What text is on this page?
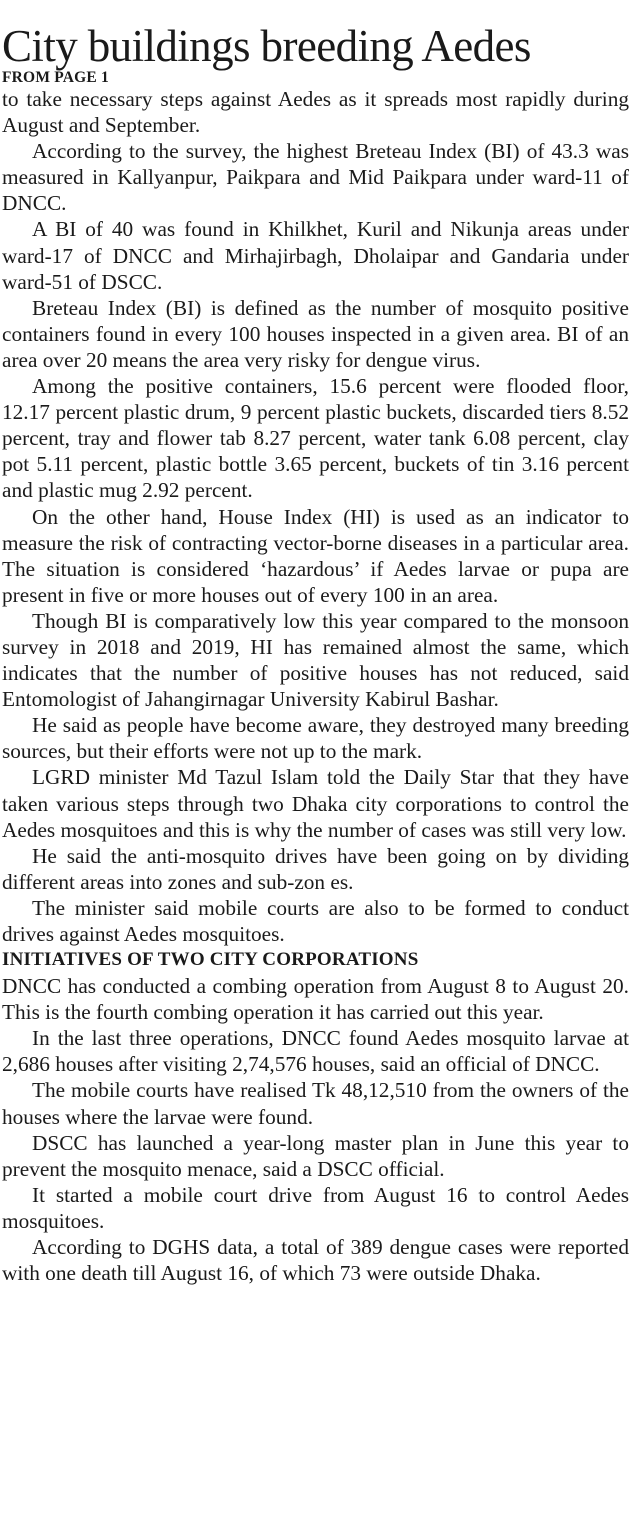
City buildings breeding Aedes
FROM PAGE 1

to take necessary steps against Aedes as it spreads most rapidly during August and September.

According to the survey, the highest Breteau Index (BI) of 43.3 was measured in Kallyanpur, Paikpara and Mid Paikpara under ward-11 of DNCC.

A BI of 40 was found in Khilkhet, Kuril and Nikunja areas under ward-17 of DNCC and Mirhajirbagh, Dholaipar and Gandaria under ward-51 of DSCC.

Breteau Index (BI) is defined as the number of mosquito positive containers found in every 100 houses inspected in a given area. BI of an area over 20 means the area very risky for dengue virus.

Among the positive containers, 15.6 percent were flooded floor, 12.17 percent plastic drum, 9 percent plastic buckets, discarded tiers 8.52 percent, tray and flower tab 8.27 percent, water tank 6.08 percent, clay pot 5.11 percent, plastic bottle 3.65 percent, buckets of tin 3.16 percent and plastic mug 2.92 percent.

On the other hand, House Index (HI) is used as an indicator to measure the risk of contracting vector-borne diseases in a particular area. The situation is considered ‘hazardous’ if Aedes larvae or pupa are present in five or more houses out of every 100 in an area.

Though BI is comparatively low this year compared to the monsoon survey in 2018 and 2019, HI has remained almost the same, which indicates that the number of positive houses has not reduced, said Entomologist of Jahangirnagar University Kabirul Bashar.

He said as people have become aware, they destroyed many breeding sources, but their efforts were not up to the mark.

LGRD minister Md Tazul Islam told the Daily Star that they have taken various steps through two Dhaka city corporations to control the Aedes mosquitoes and this is why the number of cases was still very low.

He said the anti-mosquito drives have been going on by dividing different areas into zones and sub-zon es.

The minister said mobile courts are also to be formed to conduct drives against Aedes mosquitoes.

INITIATIVES OF TWO CITY CORPORATIONS

DNCC has conducted a combing operation from August 8 to August 20. This is the fourth combing operation it has carried out this year.

In the last three operations, DNCC found Aedes mosquito larvae at 2,686 houses after visiting 2,74,576 houses, said an official of DNCC.

The mobile courts have realised Tk 48,12,510 from the owners of the houses where the larvae were found.

DSCC has launched a year-long master plan in June this year to prevent the mosquito menace, said a DSCC official.

It started a mobile court drive from August 16 to control Aedes mosquitoes.

According to DGHS data, a total of 389 dengue cases were reported with one death till August 16, of which 73 were outside Dhaka.
